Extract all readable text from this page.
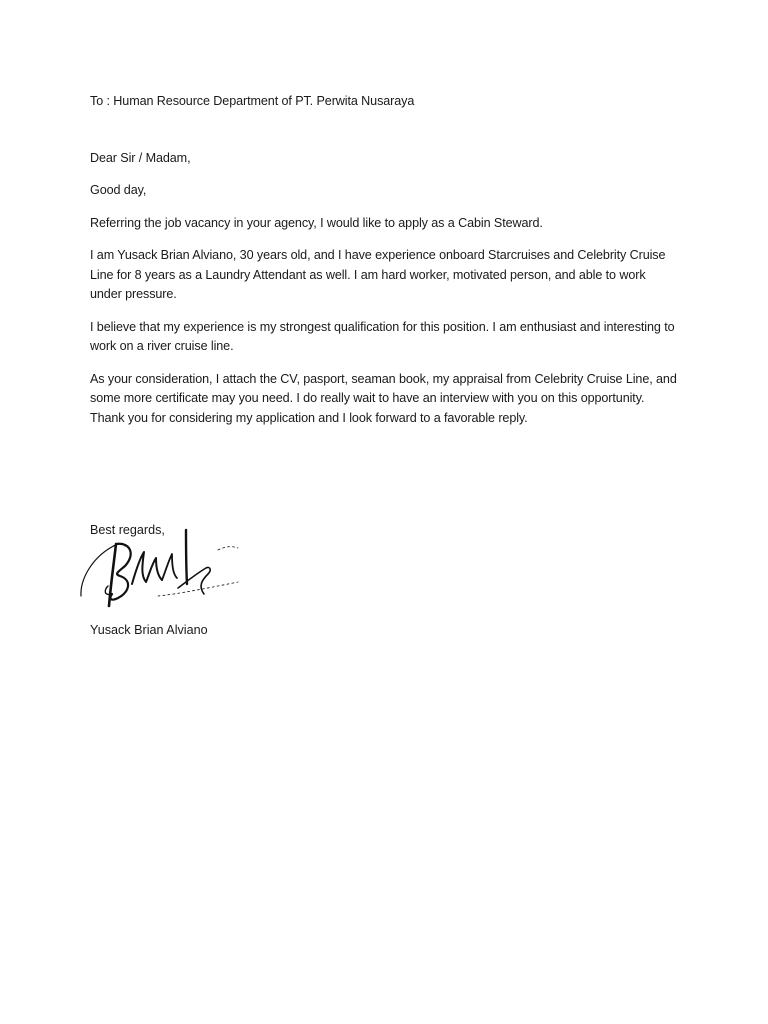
To : Human Resource Department of PT. Perwita Nusaraya

Dear Sir / Madam,

Good day,

Referring the job vacancy in your agency, I would like to apply as a Cabin Steward.

I am Yusack Brian Alviano, 30 years old, and I have experience onboard Starcruises and Celebrity Cruise Line for 8 years as a Laundry Attendant as well. I am hard worker, motivated person, and able to work under pressure.

I believe that my experience is my strongest qualification for this position. I am enthusiast and interesting to work on a river cruise line.

As your consideration, I attach the CV, pasport, seaman book, my appraisal from Celebrity Cruise Line, and some more certificate may you need. I do really wait to have an interview with you on this opportunity. Thank you for considering my application and I look forward to a favorable reply.

Best regards,

Yusack Brian Alviano
